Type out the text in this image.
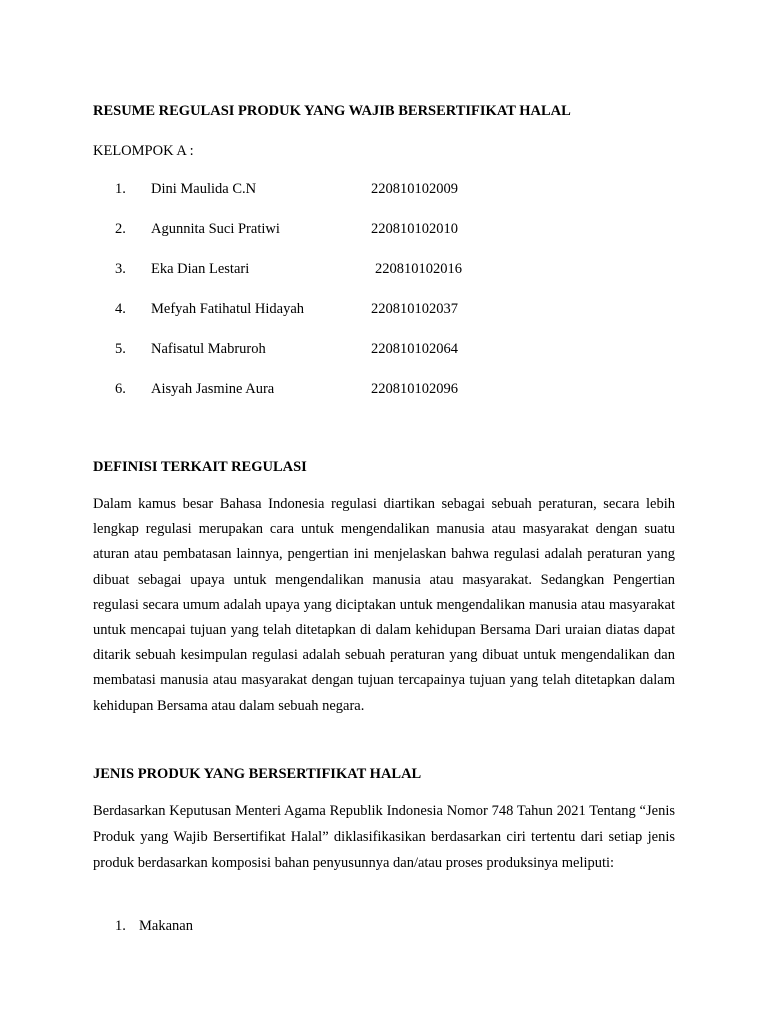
RESUME REGULASI PRODUK YANG WAJIB BERSERTIFIKAT HALAL

KELOMPOK A :

1. Dini Maulida C.N	220810102009
2. Agunnita Suci Pratiwi	220810102010
3. Eka Dian Lestari	220810102016
4. Mefyah Fatihatul Hidayah	220810102037
5. Nafisatul Mabruroh	220810102064
6. Aisyah Jasmine Aura	220810102096

DEFINISI TERKAIT REGULASI

Dalam kamus besar Bahasa Indonesia regulasi diartikan sebagai sebuah peraturan, secara lebih lengkap regulasi merupakan cara untuk mengendalikan manusia atau masyarakat dengan suatu aturan atau pembatasan lainnya, pengertian ini menjelaskan bahwa regulasi adalah peraturan yang dibuat sebagai upaya untuk mengendalikan manusia atau masyarakat. Sedangkan Pengertian regulasi secara umum adalah upaya yang diciptakan untuk mengendalikan manusia atau masyarakat untuk mencapai tujuan yang telah ditetapkan di dalam kehidupan Bersama Dari uraian diatas dapat ditarik sebuah kesimpulan regulasi adalah sebuah peraturan yang dibuat untuk mengendalikan dan membatasi manusia atau masyarakat dengan tujuan tercapainya tujuan yang telah ditetapkan dalam kehidupan Bersama atau dalam sebuah negara.

JENIS PRODUK YANG BERSERTIFIKAT HALAL

Berdasarkan Keputusan Menteri Agama Republik Indonesia Nomor 748 Tahun 2021 Tentang “Jenis Produk yang Wajib Bersertifikat Halal” diklasifikasikan berdasarkan ciri tertentu dari setiap jenis produk berdasarkan komposisi bahan penyusunnya dan/atau proses produksinya meliputi:

1. Makanan
